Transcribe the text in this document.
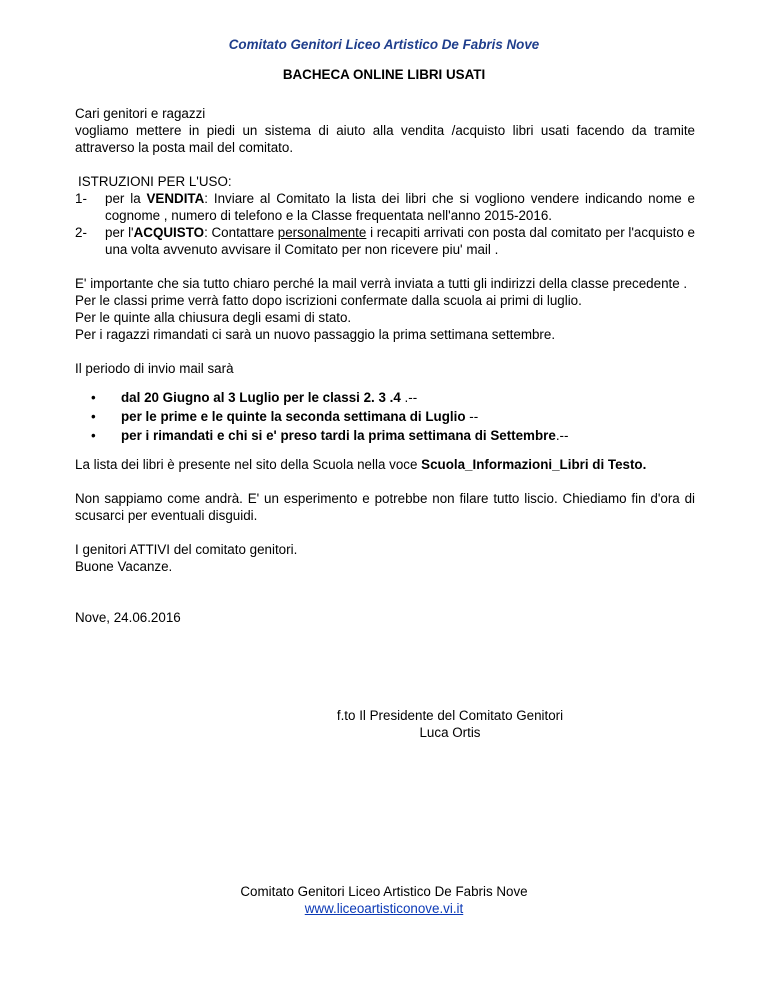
Comitato Genitori Liceo Artistico De Fabris Nove
BACHECA ONLINE LIBRI USATI

Cari genitori e ragazzi

vogliamo mettere in piedi un sistema di aiuto alla vendita /acquisto libri usati facendo da tramite attraverso la posta mail del comitato.

ISTRUZIONI PER L'USO:

1-	per la VENDITA: Inviare al Comitato la lista dei libri che si vogliono vendere indicando nome e cognome , numero di telefono e la Classe frequentata nell'anno 2015-2016.
2-	per l'ACQUISTO: Contattare personalmente i recapiti arrivati con posta dal comitato per l'acquisto e una volta avvenuto avvisare il Comitato per non ricevere piu' mail .

E' importante che sia tutto chiaro perché la mail verrà inviata a tutti gli indirizzi della classe precedente .

Per le classi prime verrà fatto dopo iscrizioni confermate dalla scuola ai primi di luglio.

Per le quinte alla chiusura degli esami di stato.

Per i ragazzi rimandati ci sarà un nuovo passaggio la prima settimana settembre.

Il periodo di invio mail sarà

•	dal 20 Giugno al 3 Luglio per le classi 2. 3 .4 .--
•	per le prime e le quinte la seconda settimana di Luglio --
•	per i rimandati e chi si e' preso tardi la prima settimana di Settembre.--

La lista dei libri è presente nel sito della Scuola nella voce Scuola_Informazioni_Libri di Testo.

Non sappiamo come andrà. E' un esperimento e potrebbe non filare tutto liscio. Chiediamo fin d'ora di scusarci per eventuali disguidi.

I genitori ATTIVI del comitato genitori.

Buone Vacanze.

Nove, 24.06.2016

f.to Il Presidente del Comitato Genitori
Luca Ortis
Comitato Genitori Liceo Artistico De Fabris Nove
www.liceoartisticonove.vi.it
